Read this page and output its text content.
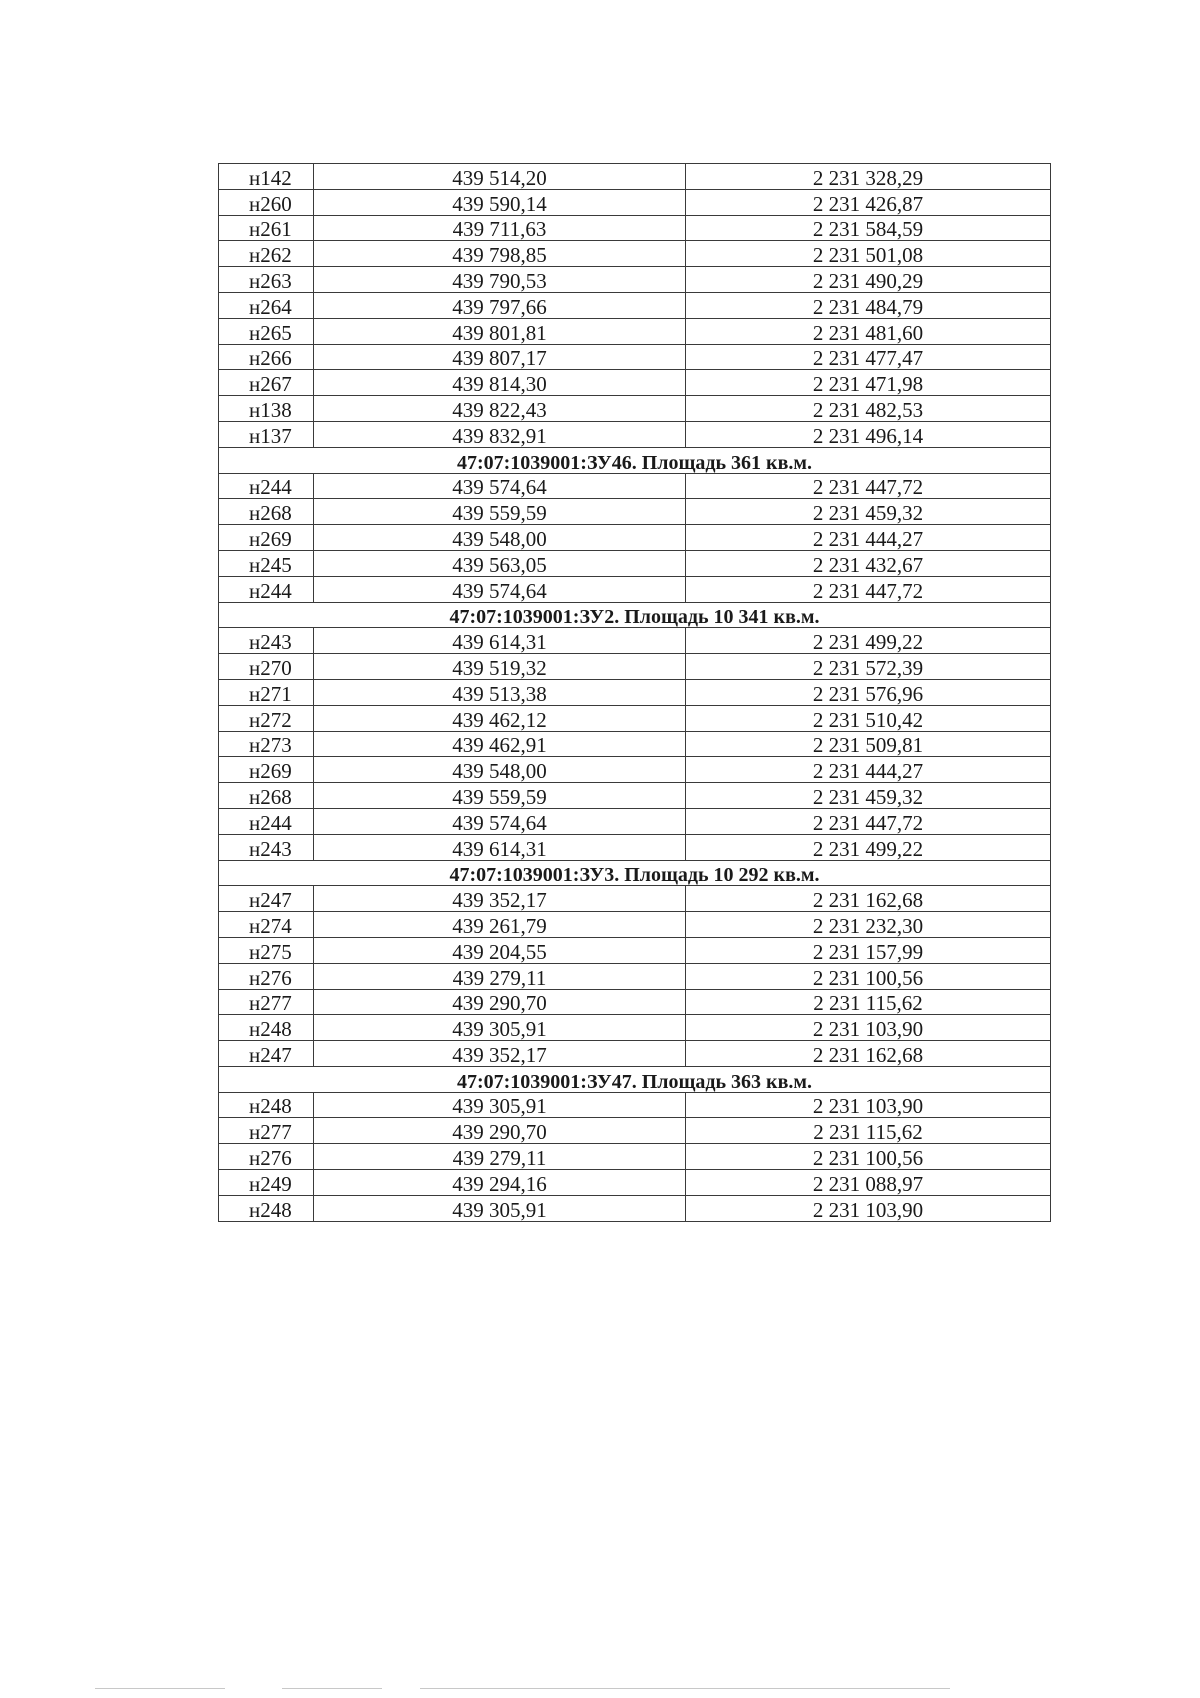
н142	439 514,20	2 231 328,29
н260	439 590,14	2 231 426,87
н261	439 711,63	2 231 584,59
н262	439 798,85	2 231 501,08
н263	439 790,53	2 231 490,29
н264	439 797,66	2 231 484,79
н265	439 801,81	2 231 481,60
н266	439 807,17	2 231 477,47
н267	439 814,30	2 231 471,98
н138	439 822,43	2 231 482,53
н137	439 832,91	2 231 496,14
47:07:1039001:ЗУ46. Площадь 361 кв.м.		
н244	439 574,64	2 231 447,72
н268	439 559,59	2 231 459,32
н269	439 548,00	2 231 444,27
н245	439 563,05	2 231 432,67
н244	439 574,64	2 231 447,72
47:07:1039001:ЗУ2. Площадь 10 341 кв.м.		
н243	439 614,31	2 231 499,22
н270	439 519,32	2 231 572,39
н271	439 513,38	2 231 576,96
н272	439 462,12	2 231 510,42
н273	439 462,91	2 231 509,81
н269	439 548,00	2 231 444,27
н268	439 559,59	2 231 459,32
н244	439 574,64	2 231 447,72
н243	439 614,31	2 231 499,22
47:07:1039001:ЗУ3. Площадь 10 292 кв.м.		
н247	439 352,17	2 231 162,68
н274	439 261,79	2 231 232,30
н275	439 204,55	2 231 157,99
н276	439 279,11	2 231 100,56
н277	439 290,70	2 231 115,62
н248	439 305,91	2 231 103,90
н247	439 352,17	2 231 162,68
47:07:1039001:ЗУ47. Площадь 363 кв.м.		
н248	439 305,91	2 231 103,90
н277	439 290,70	2 231 115,62
н276	439 279,11	2 231 100,56
н249	439 294,16	2 231 088,97
н248	439 305,91	2 231 103,90
